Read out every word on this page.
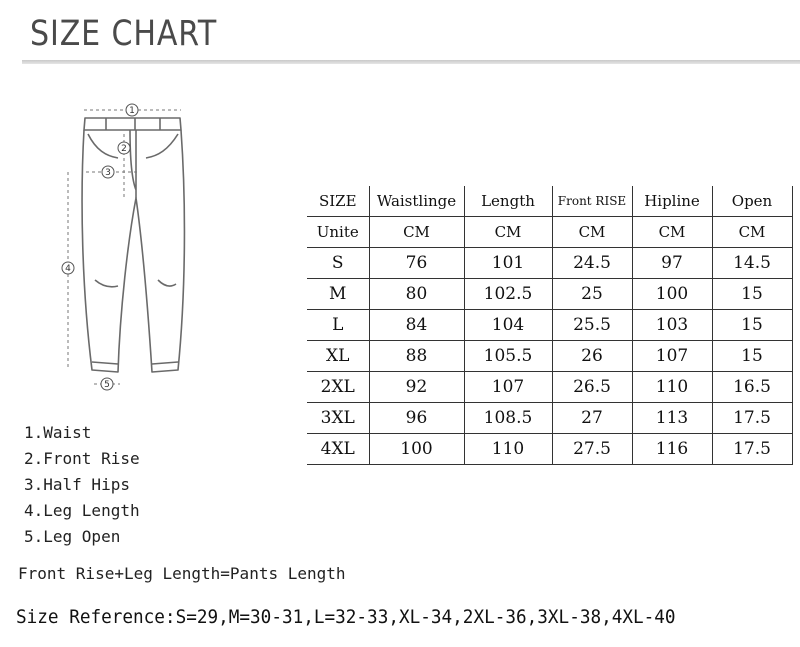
SIZE CHART
1
2
3
4
5
SIZE	Waistlinge	Length	Front RISE	Hipline	Open
Unite	CM	CM	CM	CM	CM
S	76	101	24.5	97	14.5
M	80	102.5	25	100	15
L	84	104	25.5	103	15
XL	88	105.5	26	107	15
2XL	92	107	26.5	110	16.5
3XL	96	108.5	27	113	17.5
4XL	100	110	27.5	116	17.5
1.Waist
2.Front Rise
3.Half Hips
4.Leg Length
5.Leg Open
Front Rise+Leg Length=Pants Length
Size Reference:S=29,M=30-31,L=32-33,XL-34,2XL-36,3XL-38,4XL-40
